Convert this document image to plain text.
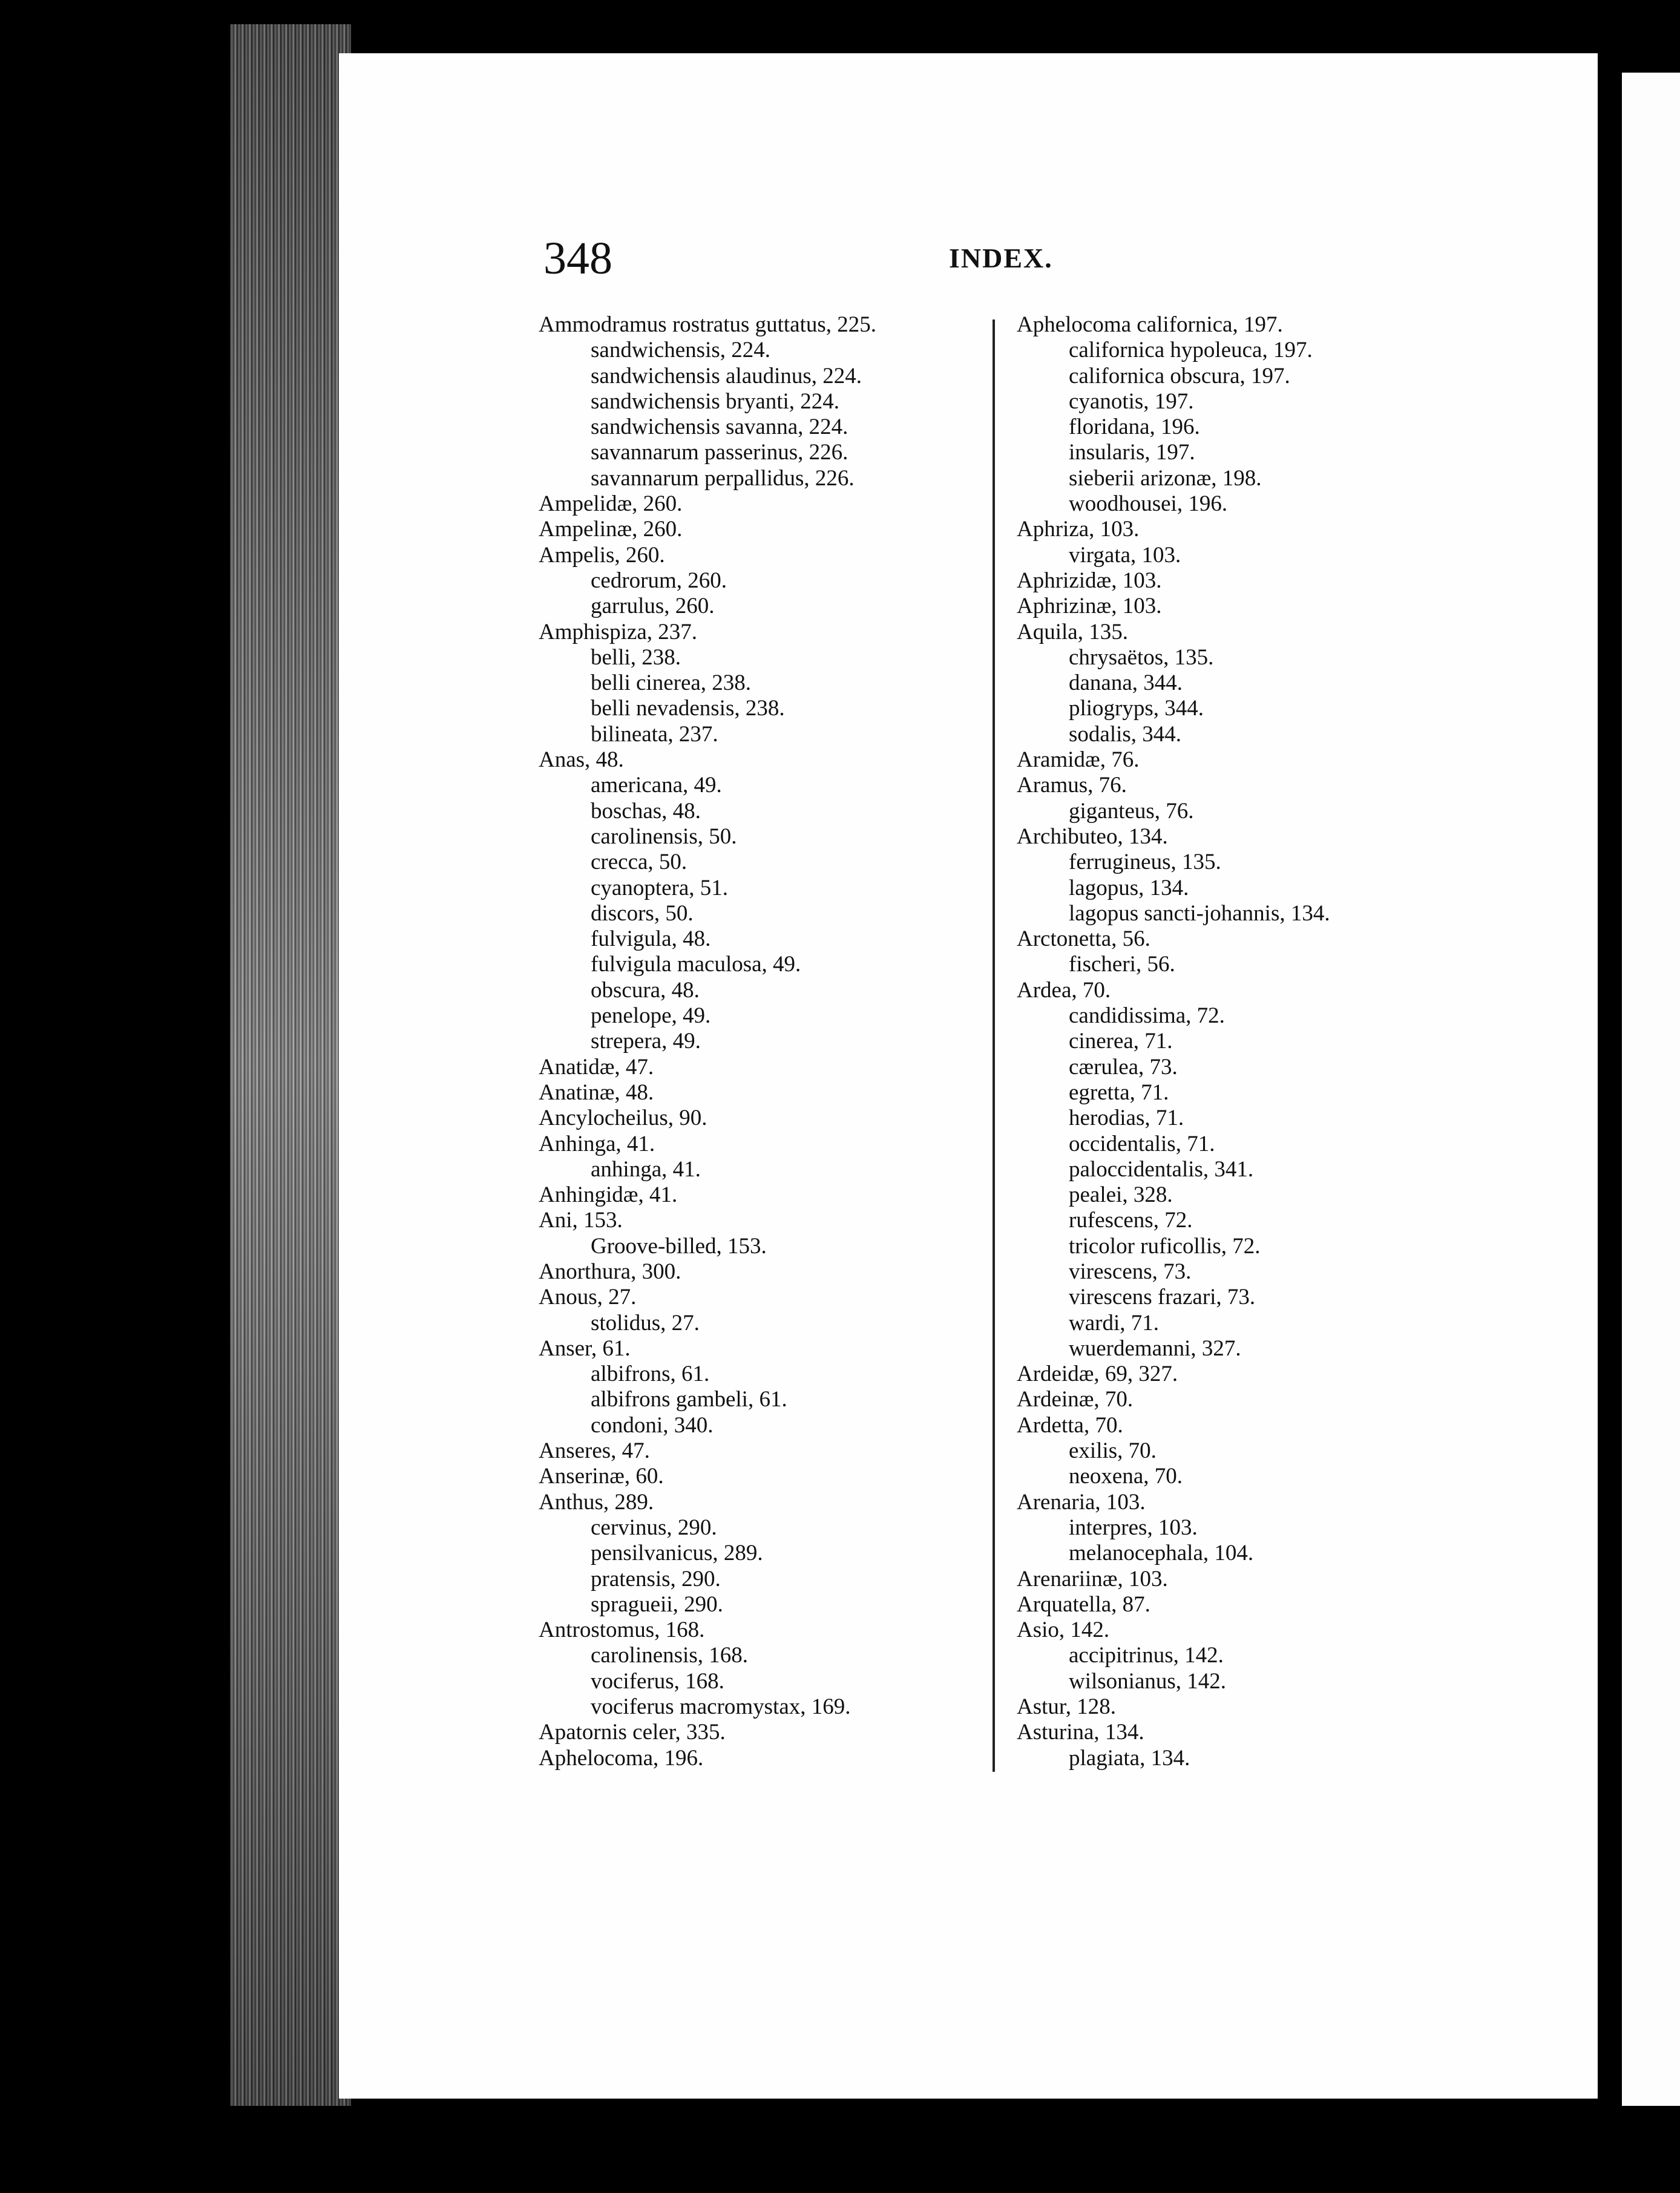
348	INDEX.
Ammodramus rostratus guttatus, 225.
sandwichensis, 224.
sandwichensis alaudinus, 224.
sandwichensis bryanti, 224.
sandwichensis savanna, 224.
savannarum passerinus, 226.
savannarum perpallidus, 226.
Ampelidæ, 260.
Ampelinæ, 260.
Ampelis, 260.
cedrorum, 260.
garrulus, 260.
Amphispiza, 237.
belli, 238.
belli cinerea, 238.
belli nevadensis, 238.
bilineata, 237.
Anas, 48.
americana, 49.
boschas, 48.
carolinensis, 50.
crecca, 50.
cyanoptera, 51.
discors, 50.
fulvigula, 48.
fulvigula maculosa, 49.
obscura, 48.
penelope, 49.
strepera, 49.
Anatidæ, 47.
Anatinæ, 48.
Ancylocheilus, 90.
Anhinga, 41.
anhinga, 41.
Anhingidæ, 41.
Ani, 153.
Groove-billed, 153.
Anorthura, 300.
Anous, 27.
stolidus, 27.
Anser, 61.
albifrons, 61.
albifrons gambeli, 61.
condoni, 340.
Anseres, 47.
Anserinæ, 60.
Anthus, 289.
cervinus, 290.
pensilvanicus, 289.
pratensis, 290.
spragueii, 290.
Antrostomus, 168.
carolinensis, 168.
vociferus, 168.
vociferus macromystax, 169.
Apatornis celer, 335.
Aphelocoma, 196.
Aphelocoma californica, 197.
californica hypoleuca, 197.
californica obscura, 197.
cyanotis, 197.
floridana, 196.
insularis, 197.
sieberii arizonæ, 198.
woodhousei, 196.
Aphriza, 103.
virgata, 103.
Aphrizidæ, 103.
Aphrizinæ, 103.
Aquila, 135.
chrysaëtos, 135.
danana, 344.
pliogryps, 344.
sodalis, 344.
Aramidæ, 76.
Aramus, 76.
giganteus, 76.
Archibuteo, 134.
ferrugineus, 135.
lagopus, 134.
lagopus sancti-johannis, 134.
Arctonetta, 56.
fischeri, 56.
Ardea, 70.
candidissima, 72.
cinerea, 71.
cærulea, 73.
egretta, 71.
herodias, 71.
occidentalis, 71.
paloccidentalis, 341.
pealei, 328.
rufescens, 72.
tricolor ruficollis, 72.
virescens, 73.
virescens frazari, 73.
wardi, 71.
wuerdemanni, 327.
Ardeidæ, 69, 327.
Ardeinæ, 70.
Ardetta, 70.
exilis, 70.
neoxena, 70.
Arenaria, 103.
interpres, 103.
melanocephala, 104.
Arenariinæ, 103.
Arquatella, 87.
Asio, 142.
accipitrinus, 142.
wilsonianus, 142.
Astur, 128.
Asturina, 134.
plagiata, 134.
